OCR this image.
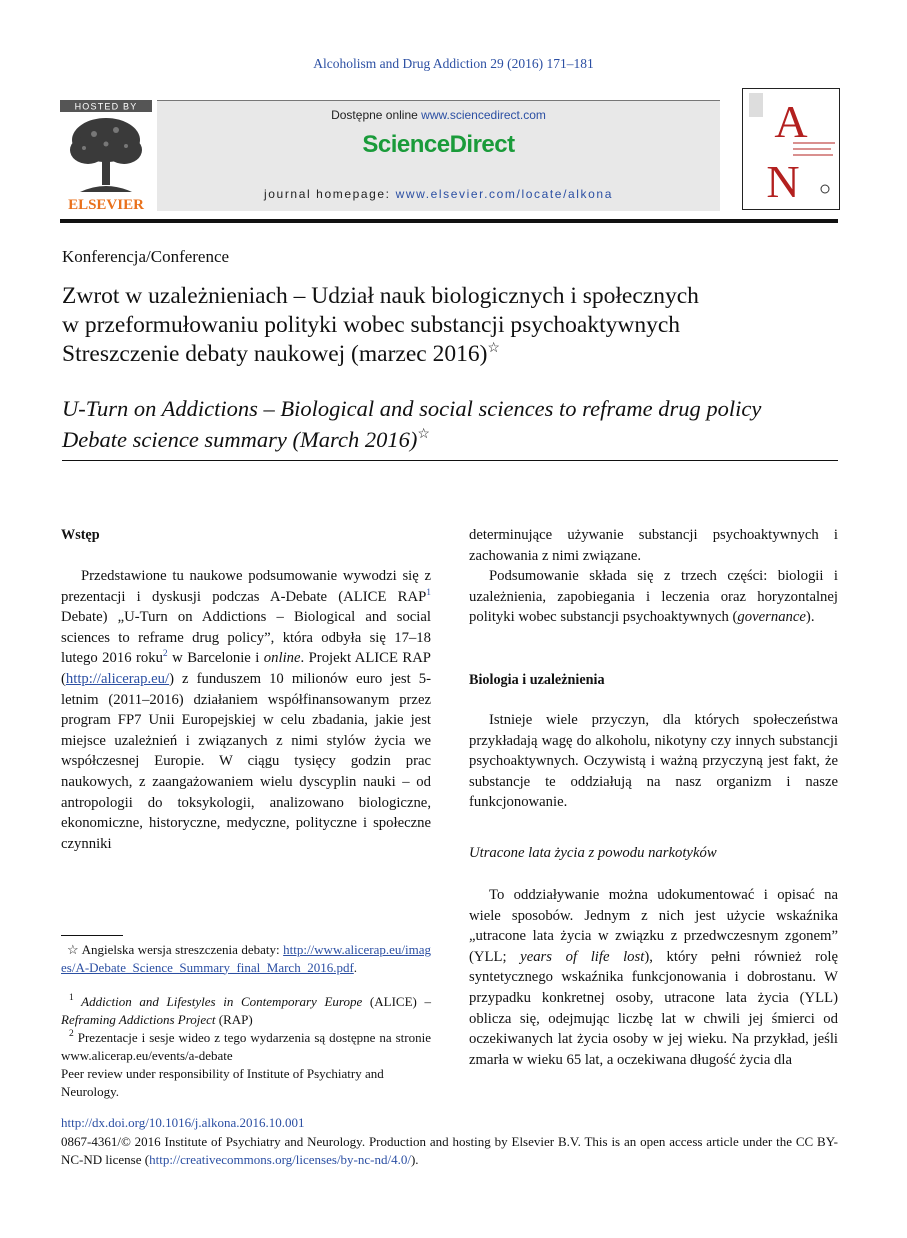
Alcoholism and Drug Addiction 29 (2016) 171–181
HOSTED BY
ELSEVIER
Dostępne online www.sciencedirect.com
ScienceDirect
journal homepage: www.elsevier.com/locate/alkona
A
N
Konferencja/Conference
Zwrot w uzależnieniach – Udział nauk biologicznych i społecznych
w przeformułowaniu polityki wobec substancji psychoaktywnych
Streszczenie debaty naukowej (marzec 2016)☆
U-Turn on Addictions – Biological and social sciences to reframe drug policy
Debate science summary (March 2016)☆
Wstęp

Przedstawione tu naukowe podsumowanie wywodzi się z prezentacji i dyskusji podczas A-Debate (ALICE RAP$^1$ Debate) „U-Turn on Addictions – Biological and social sciences to reframe drug policy”, która odbyła się 17–18 lutego 2016 roku$^2$ w Barcelonie i online. Projekt ALICE RAP (http://alicerap.eu/) z funduszem 10 milionów euro jest 5-letnim (2011–2016) działaniem współfinansowanym przez program FP7 Unii Europejskiej w celu zbadania, jakie jest miejsce uzależnień i związanych z nimi stylów życia we współczesnej Europie. W ciągu tysięcy godzin prac naukowych, z zaangażowaniem wielu dyscyplin nauki – od antropologii do toksykologii, analizowano biologiczne, ekonomiczne, historyczne, medyczne, polityczne i społeczne czynniki

determinujące używanie substancji psychoaktywnych i zachowania z nimi związane.

Podsumowanie składa się z trzech części: biologii i uzależnienia, zapobiegania i leczenia oraz horyzontalnej polityki wobec substancji psychoaktywnych (governance).

Biologia i uzależnienia

Istnieje wiele przyczyn, dla których społeczeństwa przykładają wagę do alkoholu, nikotyny czy innych substancji psychoaktywnych. Oczywistą i ważną przyczyną jest fakt, że substancje te oddziałują na nasz organizm i nasze funkcjonowanie.

Utracone lata życia z powodu narkotyków

To oddziaływanie można udokumentować i opisać na wiele sposobów. Jednym z nich jest użycie wskaźnika „utracone lata życia w związku z przedwczesnym zgonem” (YLL; years of life lost), który pełni również rolę syntetycznego wskaźnika funkcjonowania i dobrostanu. W przypadku konkretnej osoby, utracone lata życia (YLL) oblicza się, odejmując liczbę lat w chwili jej śmierci od oczekiwanych lat życia osoby w jej wieku. Na przykład, jeśli zmarła w wieku 65 lat, a oczekiwana długość życia dla

☆ Angielska wersja streszczenia debaty: http://www.alicerap.eu/images/A-Debate_Science_Summary_final_March_2016.pdf.
$^1$ Addiction and Lifestyles in Contemporary Europe (ALICE) – Reframing Addictions Project (RAP)
$^2$ Prezentacje i sesje wideo z tego wydarzenia są dostępne na stronie www.alicerap.eu/events/a-debate
Peer review under responsibility of Institute of Psychiatry and Neurology.
http://dx.doi.org/10.1016/j.alkona.2016.10.001
0867-4361/© 2016 Institute of Psychiatry and Neurology. Production and hosting by Elsevier B.V. This is an open access article under the CC BY-NC-ND license (http://creativecommons.org/licenses/by-nc-nd/4.0/).
